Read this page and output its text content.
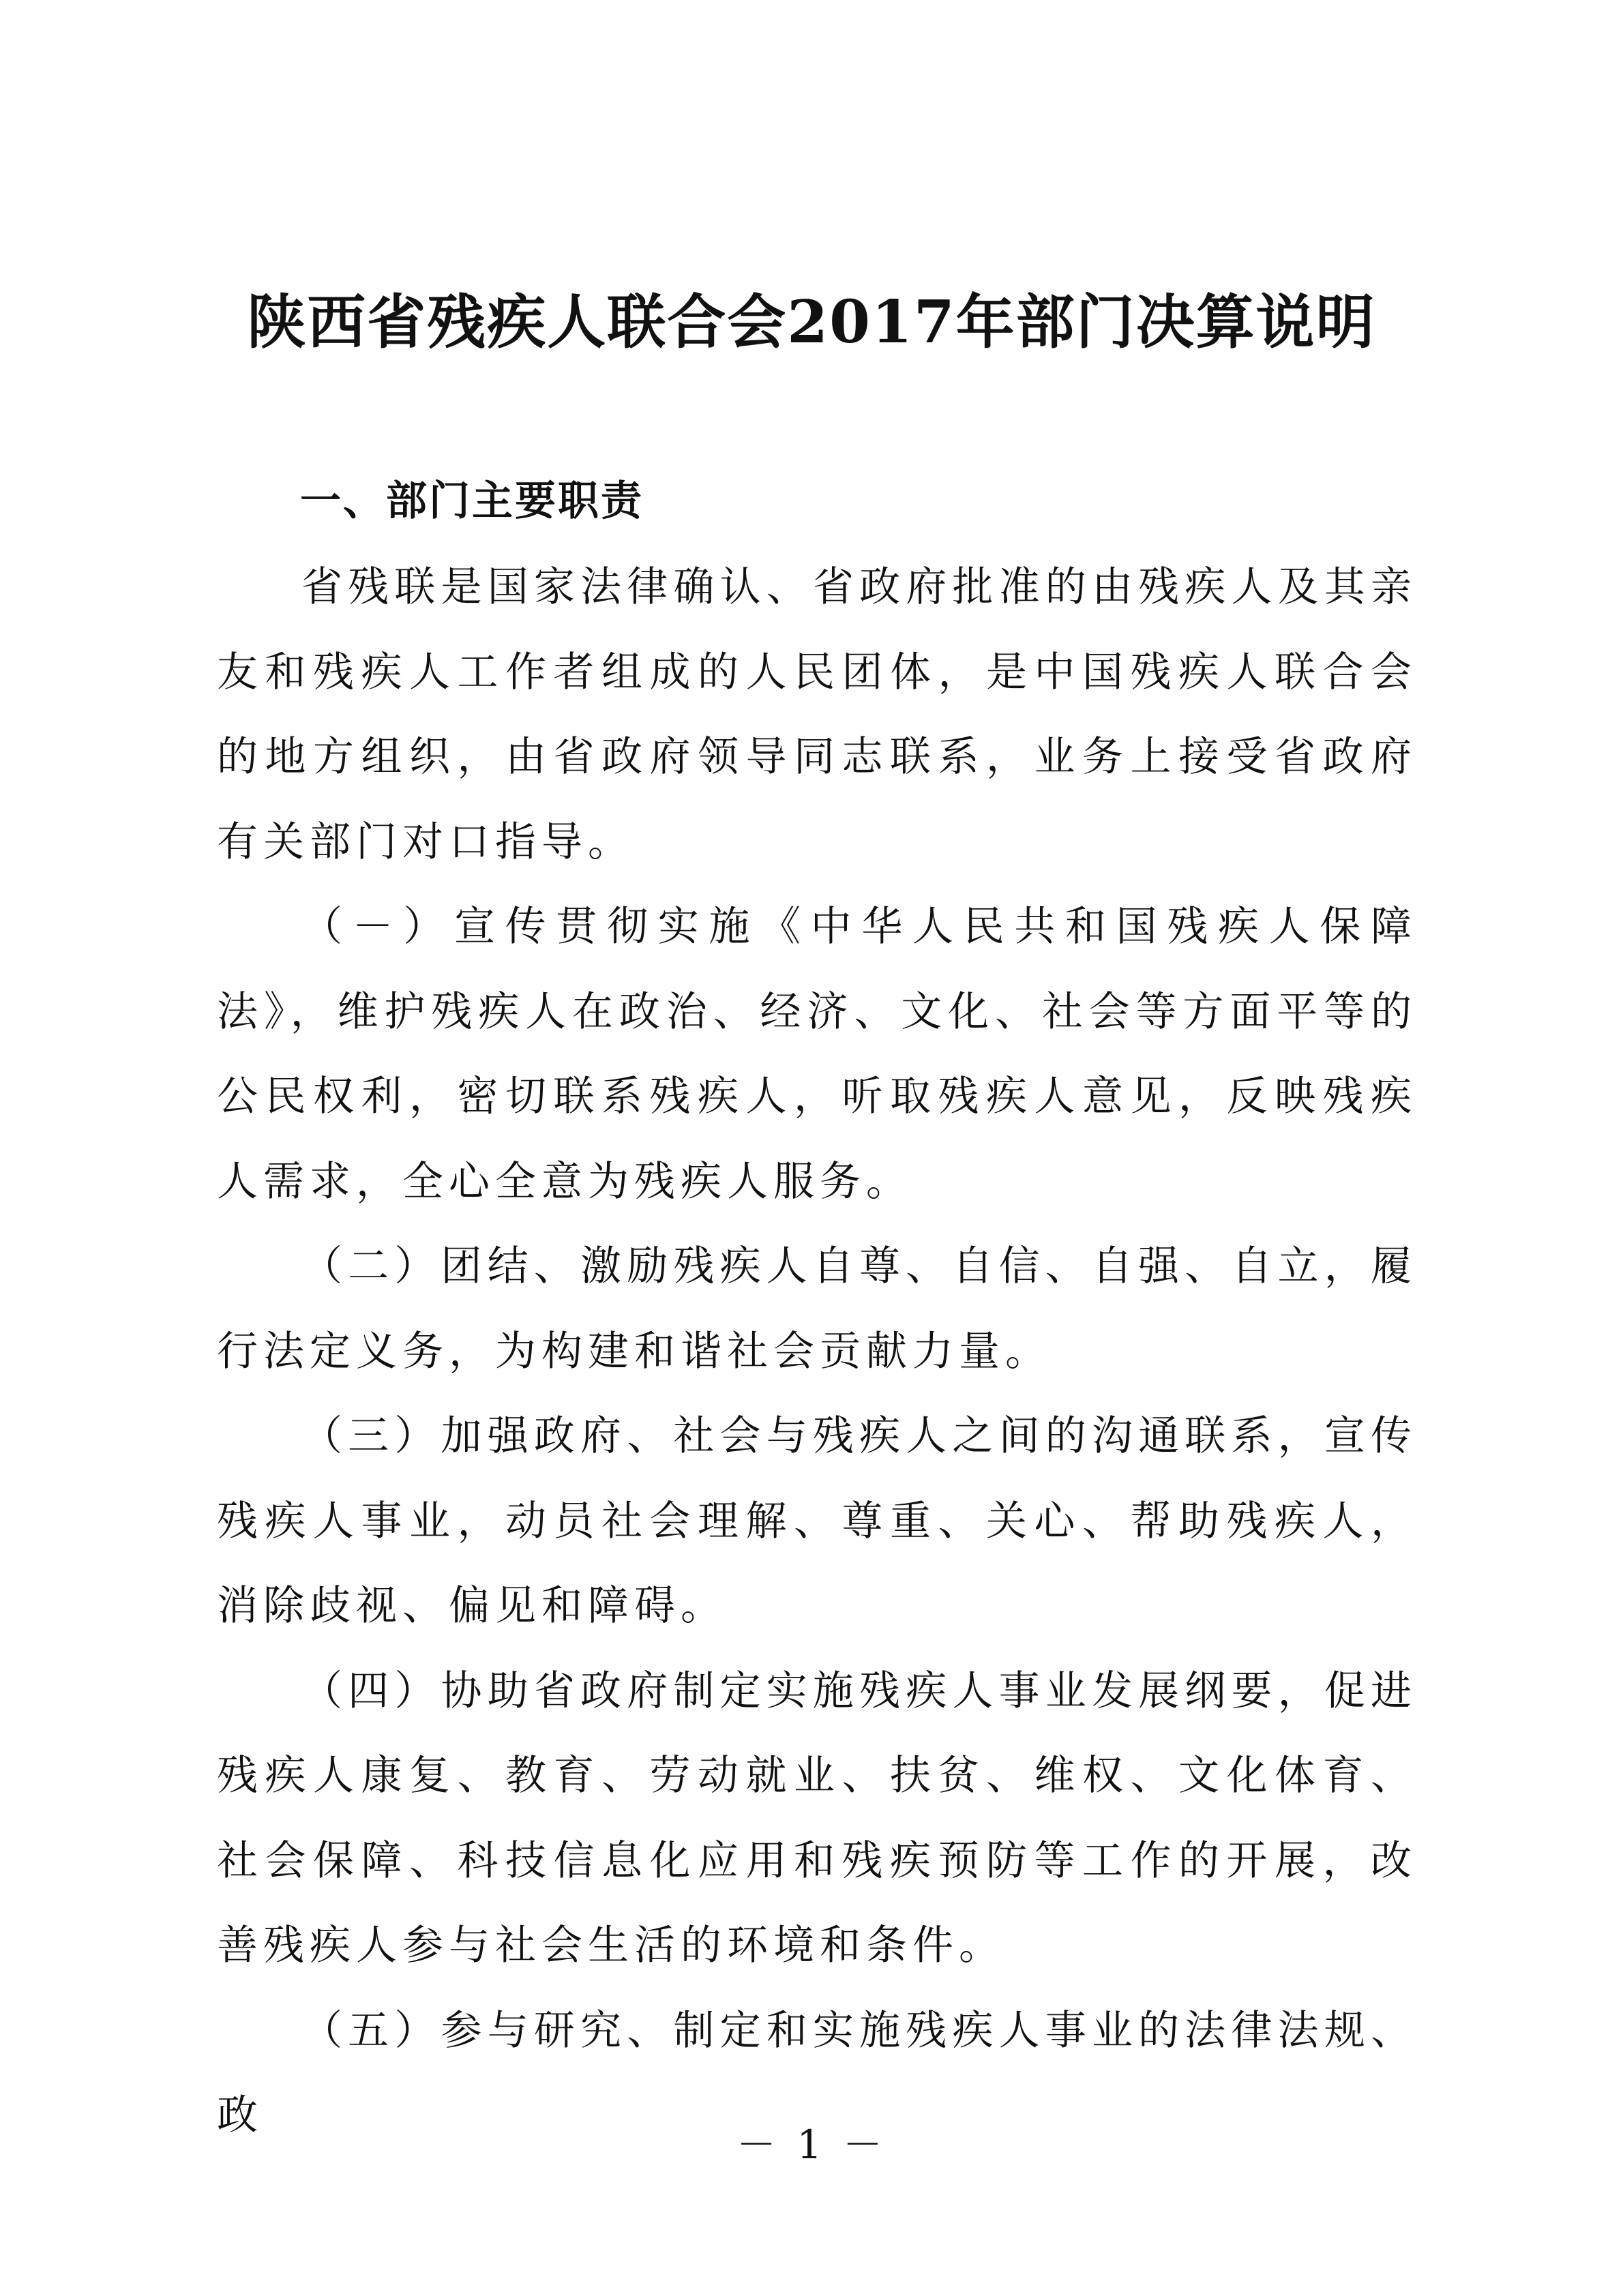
陕西省残疾人联合会2017年部门决算说明
一、部门主要职责

省残联是国家法律确认、省政府批准的由残疾人及其亲友和残疾人工作者组成的人民团体，是中国残疾人联合会的地方组织，由省政府领导同志联系，业务上接受省政府有关部门对口指导。

（－）宣传贯彻实施《中华人民共和国残疾人保障法》，维护残疾人在政治、经济、文化、社会等方面平等的公民权利，密切联系残疾人，听取残疾人意见，反映残疾人需求，全心全意为残疾人服务。

（二）团结、激励残疾人自尊、自信、自强、自立，履行法定义务，为构建和谐社会贡献力量。

（三）加强政府、社会与残疾人之间的沟通联系，宣传残疾人事业，动员社会理解、尊重、关心、帮助残疾人，消除歧视、偏见和障碍。

（四）协助省政府制定实施残疾人事业发展纲要，促进残疾人康复、教育、劳动就业、扶贫、维权、文化体育、社会保障、科技信息化应用和残疾预防等工作的开展，改善残疾人参与社会生活的环境和条件。

（五）参与研究、制定和实施残疾人事业的法律法规、政

－ 1 －
